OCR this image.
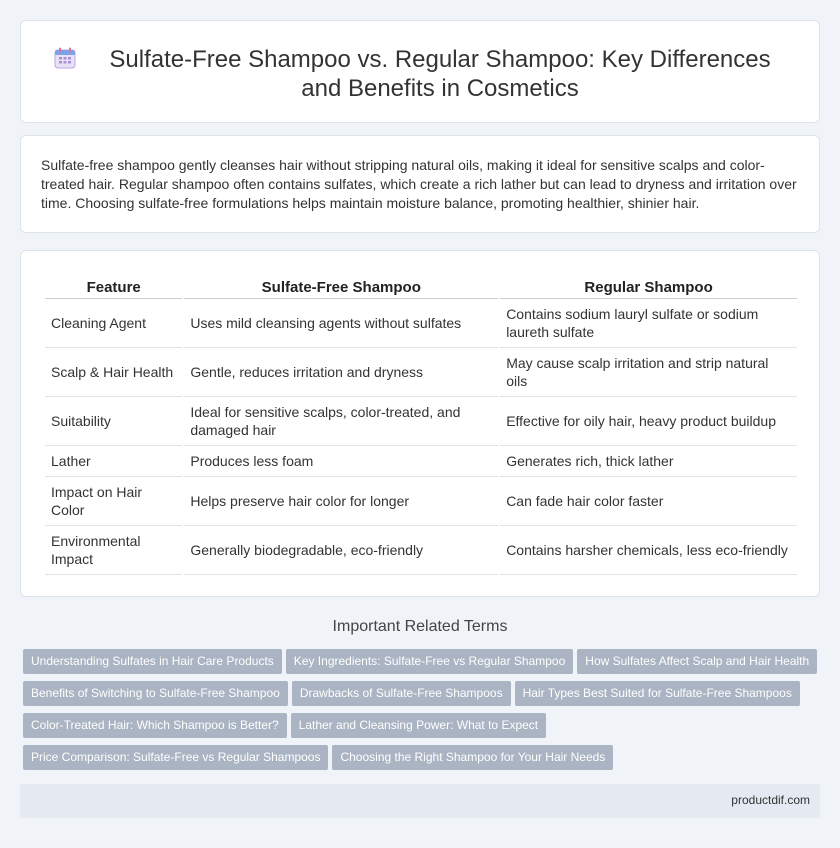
Sulfate-Free Shampoo vs. Regular Shampoo: Key Differences and Benefits in Cosmetics

Sulfate-free shampoo gently cleanses hair without stripping natural oils, making it ideal for sensitive scalps and color-treated hair. Regular shampoo often contains sulfates, which create a rich lather but can lead to dryness and irritation over time. Choosing sulfate-free formulations helps maintain moisture balance, promoting healthier, shinier hair.

Feature	Sulfate-Free Shampoo	Regular Shampoo
Cleaning Agent	Uses mild cleansing agents without sulfates	Contains sodium lauryl sulfate or sodium laureth sulfate
Scalp & Hair Health	Gentle, reduces irritation and dryness	May cause scalp irritation and strip natural oils
Suitability	Ideal for sensitive scalps, color-treated, and damaged hair	Effective for oily hair, heavy product buildup
Lather	Produces less foam	Generates rich, thick lather
Impact on Hair Color	Helps preserve hair color for longer	Can fade hair color faster
Environmental Impact	Generally biodegradable, eco-friendly	Contains harsher chemicals, less eco-friendly
Important Related Terms
Understanding Sulfates in Hair Care Products Key Ingredients: Sulfate-Free vs Regular Shampoo How Sulfates Affect Scalp and Hair Health
Benefits of Switching to Sulfate-Free Shampoo Drawbacks of Sulfate-Free Shampoos Hair Types Best Suited for Sulfate-Free Shampoos
Color-Treated Hair: Which Shampoo is Better? Lather and Cleansing Power: What to Expect
Price Comparison: Sulfate-Free vs Regular Shampoos Choosing the Right Shampoo for Your Hair Needs
productdif.com
